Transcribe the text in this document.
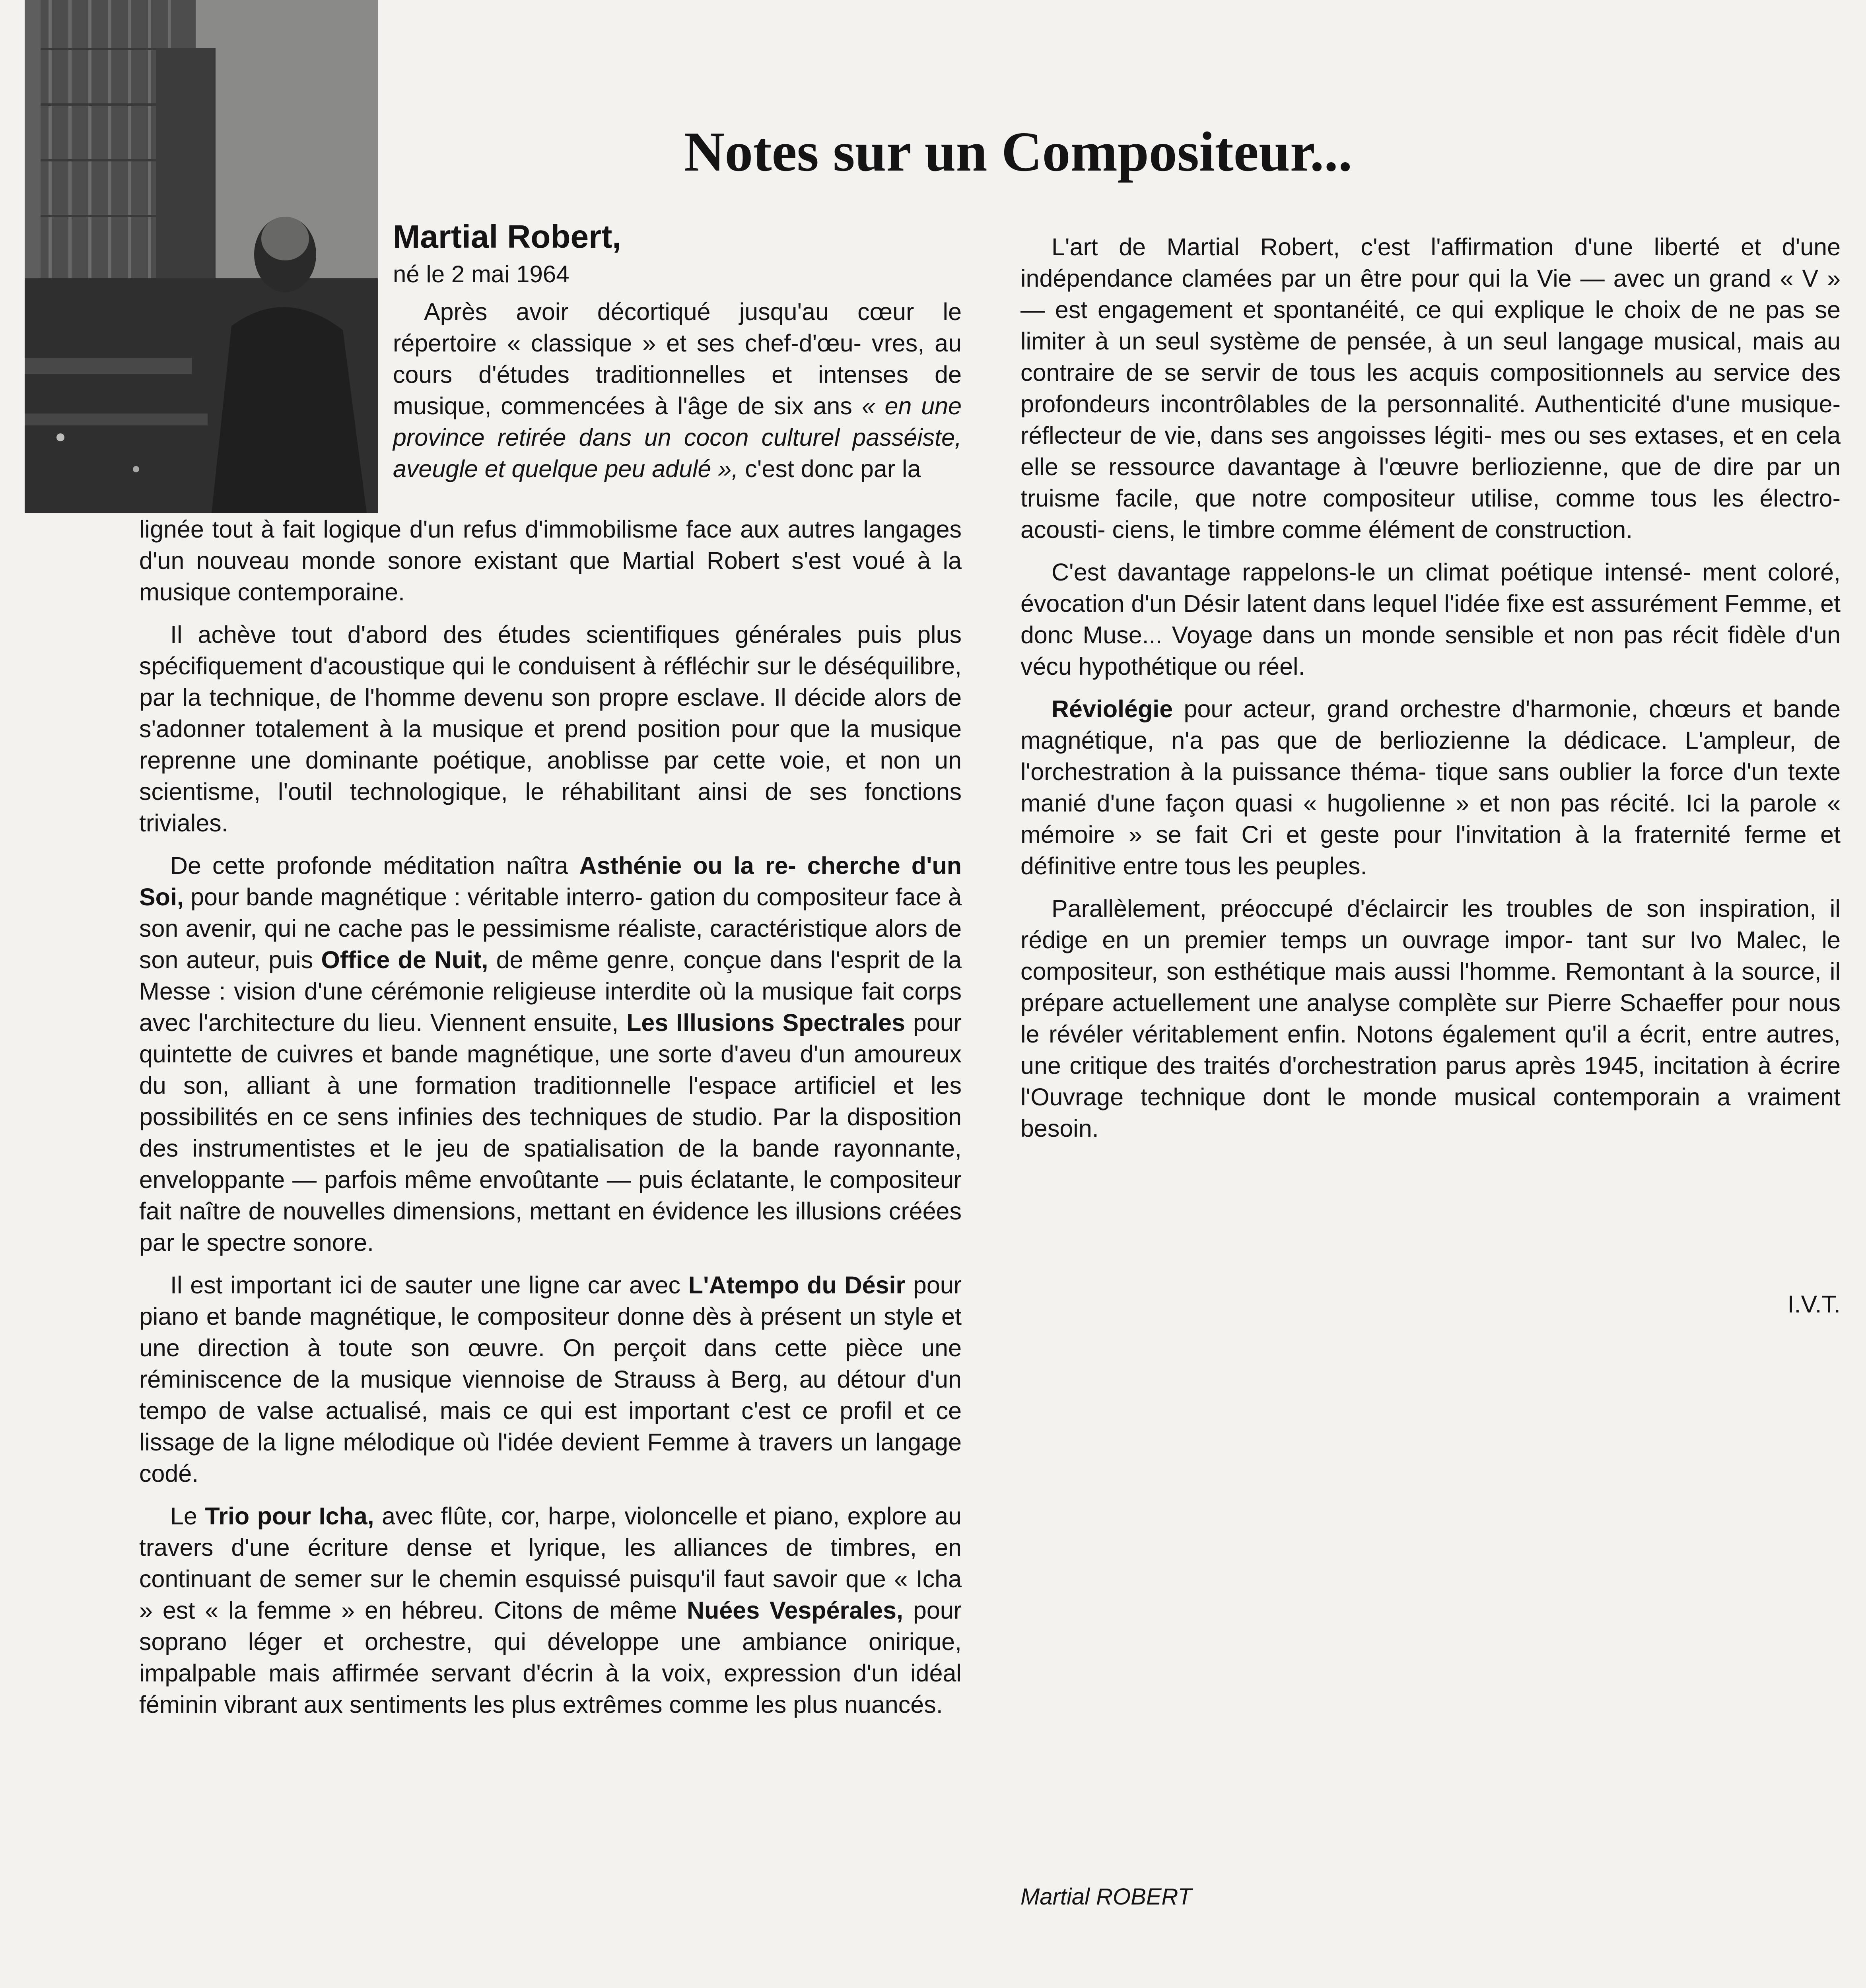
Notes sur un Compositeur...
Martial Robert,
né le 2 mai 1964

Après avoir décortiqué jusqu'au cœur le répertoire « classique » et ses chef-d'œu- vres, au cours d'études traditionnelles et intenses de musique, commencées à l'âge de six ans « en une province retirée dans un cocon culturel passéiste, aveugle et quelque peu adulé », c'est donc par la

lignée tout à fait logique d'un refus d'immobilisme face aux autres langages d'un nouveau monde sonore existant que Martial Robert s'est voué à la musique contemporaine.

Il achève tout d'abord des études scientifiques générales puis plus spécifiquement d'acoustique qui le conduisent à réfléchir sur le déséquilibre, par la technique, de l'homme devenu son propre esclave. Il décide alors de s'adonner totalement à la musique et prend position pour que la musique reprenne une dominante poétique, anoblisse par cette voie, et non un scientisme, l'outil technologique, le réhabilitant ainsi de ses fonctions triviales.

De cette profonde méditation naîtra Asthénie ou la re- cherche d'un Soi, pour bande magnétique : véritable interro- gation du compositeur face à son avenir, qui ne cache pas le pessimisme réaliste, caractéristique alors de son auteur, puis Office de Nuit, de même genre, conçue dans l'esprit de la Messe : vision d'une cérémonie religieuse interdite où la musique fait corps avec l'architecture du lieu. Viennent ensuite, Les Illusions Spectrales pour quintette de cuivres et bande magnétique, une sorte d'aveu d'un amoureux du son, alliant à une formation traditionnelle l'espace artificiel et les possibilités en ce sens infinies des techniques de studio. Par la disposition des instrumentistes et le jeu de spatialisation de la bande rayonnante, enveloppante — parfois même envoûtante — puis éclatante, le compositeur fait naître de nouvelles dimensions, mettant en évidence les illusions créées par le spectre sonore.

Il est important ici de sauter une ligne car avec L'Atempo du Désir pour piano et bande magnétique, le compositeur donne dès à présent un style et une direction à toute son œuvre. On perçoit dans cette pièce une réminiscence de la musique viennoise de Strauss à Berg, au détour d'un tempo de valse actualisé, mais ce qui est important c'est ce profil et ce lissage de la ligne mélodique où l'idée devient Femme à travers un langage codé.

Le Trio pour Icha, avec flûte, cor, harpe, violoncelle et piano, explore au travers d'une écriture dense et lyrique, les alliances de timbres, en continuant de semer sur le chemin esquissé puisqu'il faut savoir que « Icha » est « la femme » en hébreu. Citons de même Nuées Vespérales, pour soprano léger et orchestre, qui développe une ambiance onirique, impalpable mais affirmée servant d'écrin à la voix, expression d'un idéal féminin vibrant aux sentiments les plus extrêmes comme les plus nuancés.

L'art de Martial Robert, c'est l'affirmation d'une liberté et d'une indépendance clamées par un être pour qui la Vie — avec un grand « V » — est engagement et spontanéité, ce qui explique le choix de ne pas se limiter à un seul système de pensée, à un seul langage musical, mais au contraire de se servir de tous les acquis compositionnels au service des profondeurs incontrôlables de la personnalité. Authenticité d'une musique-réflecteur de vie, dans ses angoisses légiti- mes ou ses extases, et en cela elle se ressource davantage à l'œuvre berliozienne, que de dire par un truisme facile, que notre compositeur utilise, comme tous les électro-acousti- ciens, le timbre comme élément de construction.

C'est davantage rappelons-le un climat poétique intensé- ment coloré, évocation d'un Désir latent dans lequel l'idée fixe est assurément Femme, et donc Muse... Voyage dans un monde sensible et non pas récit fidèle d'un vécu hypothétique ou réel.

Réviolégie pour acteur, grand orchestre d'harmonie, chœurs et bande magnétique, n'a pas que de berliozienne la dédicace. L'ampleur, de l'orchestration à la puissance théma- tique sans oublier la force d'un texte manié d'une façon quasi « hugolienne » et non pas récité. Ici la parole « mémoire » se fait Cri et geste pour l'invitation à la fraternité ferme et définitive entre tous les peuples.

Parallèlement, préoccupé d'éclaircir les troubles de son inspiration, il rédige en un premier temps un ouvrage impor- tant sur Ivo Malec, le compositeur, son esthétique mais aussi l'homme. Remontant à la source, il prépare actuellement une analyse complète sur Pierre Schaeffer pour nous le révéler véritablement enfin. Notons également qu'il a écrit, entre autres, une critique des traités d'orchestration parus après 1945, incitation à écrire l'Ouvrage technique dont le monde musical contemporain a vraiment besoin.

I.V.T.
Martial ROBERT
